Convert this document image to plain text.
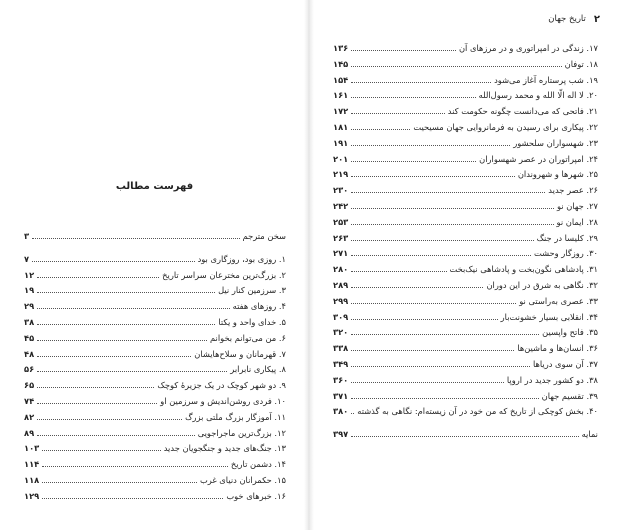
۲
تاریخ جهان
فهرست مطالب
سخن مترجم
۳
۱. روزی بود، روزگاری بود
۷
۲. بزرگ‌ترین مخترعان سراسر تاریخ
۱۲
۳. سرزمین کنار نیل
۱۹
۴. روزهای هفته
۲۹
۵. خدای واحد و یکتا
۳۸
۶. من می‌توانم بخوانم
۴۵
۷. قهرمانان و سلاح‌هایشان
۴۸
۸. پیکاری نابرابر
۵۶
۹. دو شهر کوچک در یک جزیرهٔ کوچک
۶۵
۱۰. فردی روشن‌اندیش و سرزمین او
۷۴
۱۱. آموزگار بزرگ ملتی بزرگ
۸۲
۱۲. بزرگ‌ترین ماجراجویی
۸۹
۱۳. جنگ‌های جدید و جنگجویان جدید
۱۰۳
۱۴. دشمن تاریخ
۱۱۴
۱۵. حکمرانان دنیای غرب
۱۱۸
۱۶. خبرهای خوب
۱۲۹
۱۷. زندگی در امپراتوری و در مرزهای آن
۱۳۶
۱۸. توفان
۱۴۵
۱۹. شب پرستاره آغاز می‌شود
۱۵۴
۲۰. لا اله الّا الله و محمد رسول‌الله
۱۶۱
۲۱. فاتحی که می‌دانست چگونه حکومت کند
۱۷۲
۲۲. پیکاری برای رسیدن به فرمانروایی جهان مسیحیت
۱۸۱
۲۳. شهسواران سلحشور
۱۹۱
۲۴. امپراتوران در عصر شهسواران
۲۰۱
۲۵. شهرها و شهروندان
۲۱۹
۲۶. عصر جدید
۲۳۰
۲۷. جهان نو
۲۴۲
۲۸. ایمان نو
۲۵۳
۲۹. کلیسا در جنگ
۲۶۳
۳۰. روزگار وحشت
۲۷۱
۳۱. پادشاهی نگون‌بخت و پادشاهی نیک‌بخت
۲۸۰
۳۲. نگاهی به شرق در این دوران
۲۸۹
۳۳. عصری به‌راستی نو
۲۹۹
۳۴. انقلابی بسیار خشونت‌بار
۳۰۹
۳۵. فاتح واپسین
۳۲۰
۳۶. انسان‌ها و ماشین‌ها
۳۳۸
۳۷. آن سوی دریاها
۳۴۹
۳۸. دو کشور جدید در اروپا
۳۶۰
۳۹. تقسیم جهان
۳۷۱
۴۰. بخش کوچکی از تاریخ که من خود در آن زیسته‌ام: نگاهی به گذشته
۳۸۰
نمایه
۳۹۷
